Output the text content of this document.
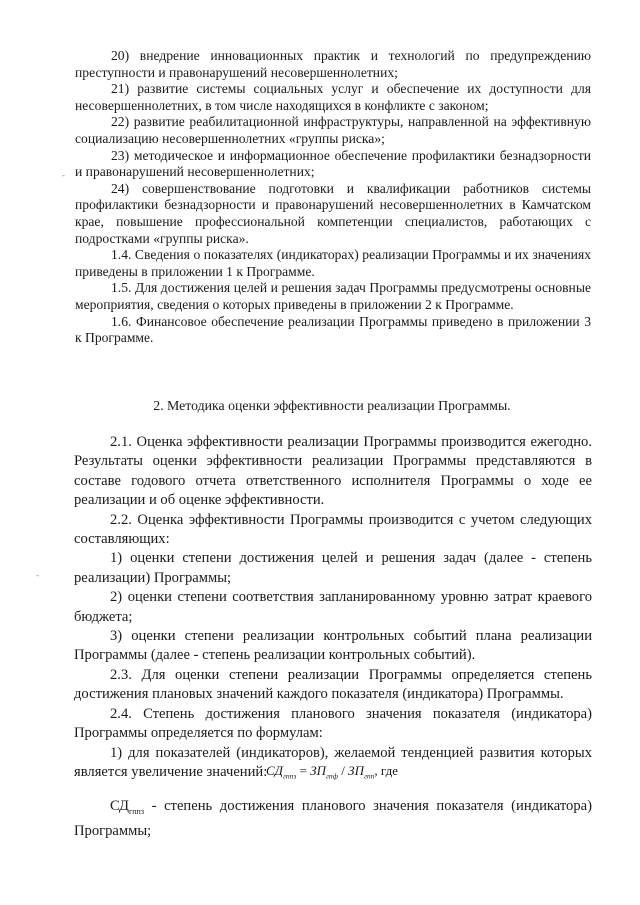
20) внедрение инновационных практик и технологий по предупреждению преступности и правонарушений несовершеннолетних;
21) развитие системы социальных услуг и обеспечение их доступности для несовершеннолетних, в том числе находящихся в конфликте с законом;
22) развитие реабилитационной инфраструктуры, направленной на эффективную социализацию несовершеннолетних «группы риска»;
23) методическое и информационное обеспечение профилактики безнадзорности и правонарушений несовершеннолетних;
24) совершенствование подготовки и квалификации работников системы профилактики безнадзорности и правонарушений несовершеннолетних в Камчатском крае, повышение профессиональной компетенции специалистов, работающих с подростками «группы риска».
1.4. Сведения о показателях (индикаторах) реализации Программы и их значениях приведены в приложении 1 к Программе.
1.5. Для достижения целей и решения задач Программы предусмотрены основные мероприятия, сведения о которых приведены в приложении 2 к Программе.
1.6. Финансовое обеспечение реализации Программы приведено в приложении 3 к Программе.
2. Методика оценки эффективности реализации Программы.
2.1. Оценка эффективности реализации Программы производится ежегодно. Результаты оценки эффективности реализации Программы представляются в составе годового отчета ответственного исполнителя Программы о ходе ее реализации и об оценке эффективности.
2.2. Оценка эффективности Программы производится с учетом следующих составляющих:
1) оценки степени достижения целей и решения задач (далее - степень реализации) Программы;
2) оценки степени соответствия запланированному уровню затрат краевого бюджета;
3) оценки степени реализации контрольных событий плана реализации Программы (далее - степень реализации контрольных событий).
2.3. Для оценки степени реализации Программы определяется степень достижения плановых значений каждого показателя (индикатора) Программы.
2.4. Степень достижения планового значения показателя (индикатора) Программы определяется по формулам:
1) для показателей (индикаторов), желаемой тенденцией развития которых является увеличение значений:
$СД_{гппз} = ЗП_{гпф} / ЗП_{гпп}$, где

$СД_{гппз}$ - степень достижения планового значения показателя (индикатора) Программы;

-
-
